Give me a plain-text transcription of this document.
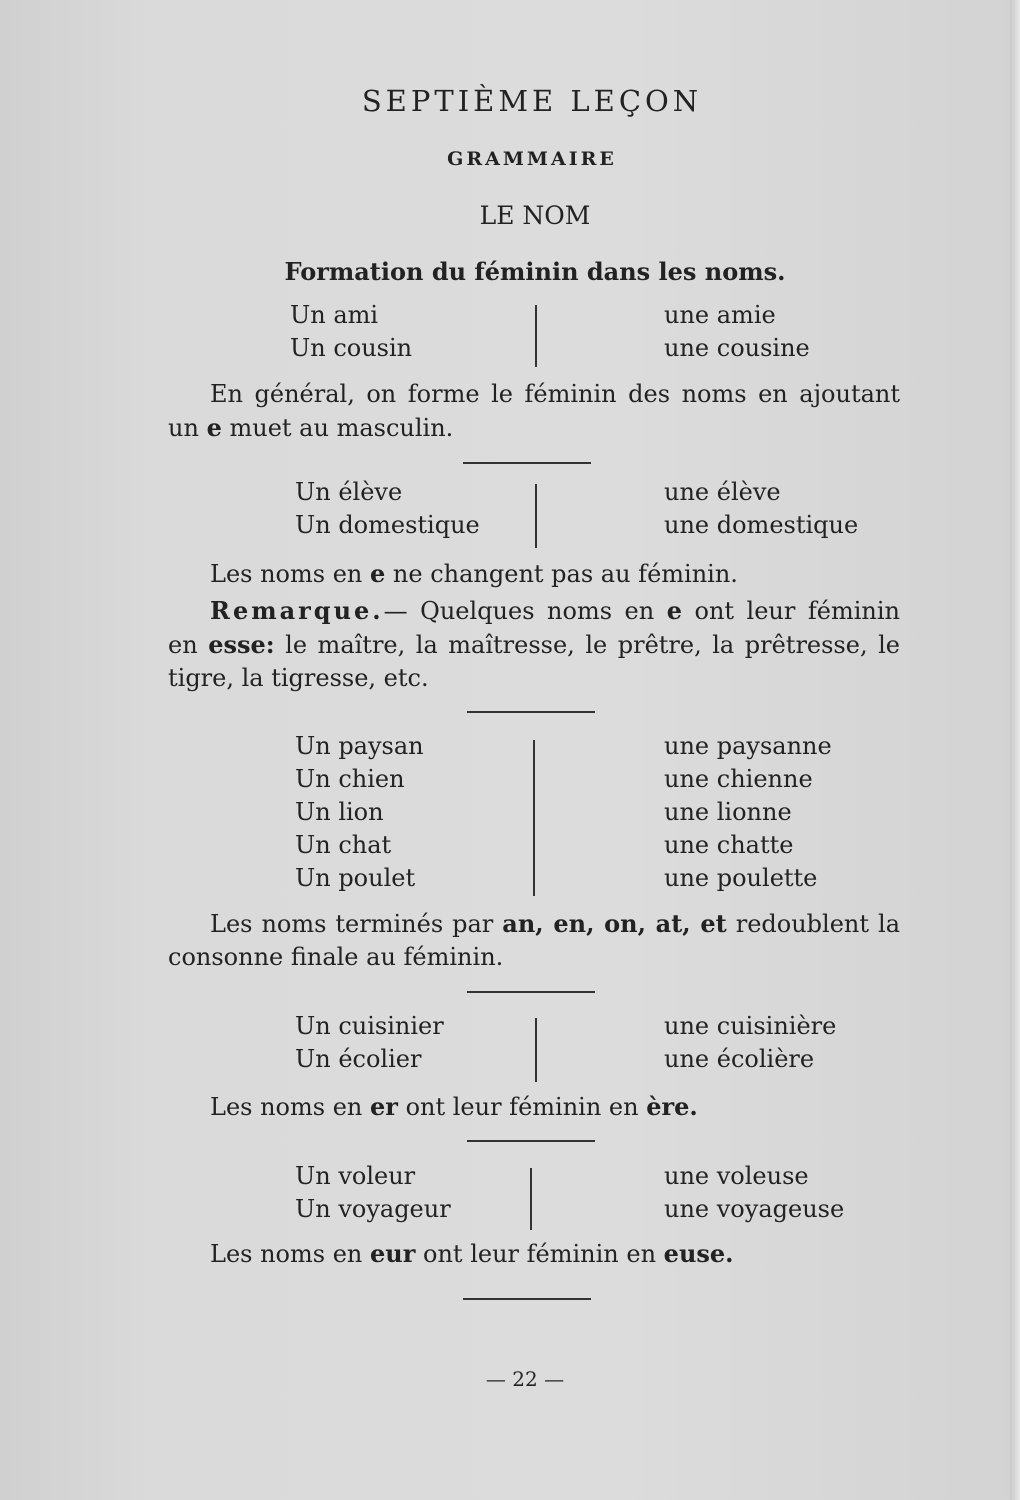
SEPTIÈME LEÇON
GRAMMAIRE
LE NOM
Formation du féminin dans les noms.
Un ami	une amie
Un cousin	une cousine
En général, on forme le féminin des noms en ajoutant un e muet au masculin.
Un élève	une élève
Un domestique	une domestique
Les noms en e ne changent pas au féminin.
Remarque.— Quelques noms en e ont leur féminin en esse: le maître, la maîtresse, le prêtre, la prêtresse, le tigre, la tigresse, etc.
Un paysan	une paysanne
Un chien	une chienne
Un lion	une lionne
Un chat	une chatte
Un poulet	une poulette
Les noms terminés par an, en, on, at, et redoublent la consonne finale au féminin.
Un cuisinier	une cuisinière
Un écolier	une écolière
Les noms en er ont leur féminin en ère.
Un voleur	une voleuse
Un voyageur	une voyageuse
Les noms en eur ont leur féminin en euse.
— 22 —
